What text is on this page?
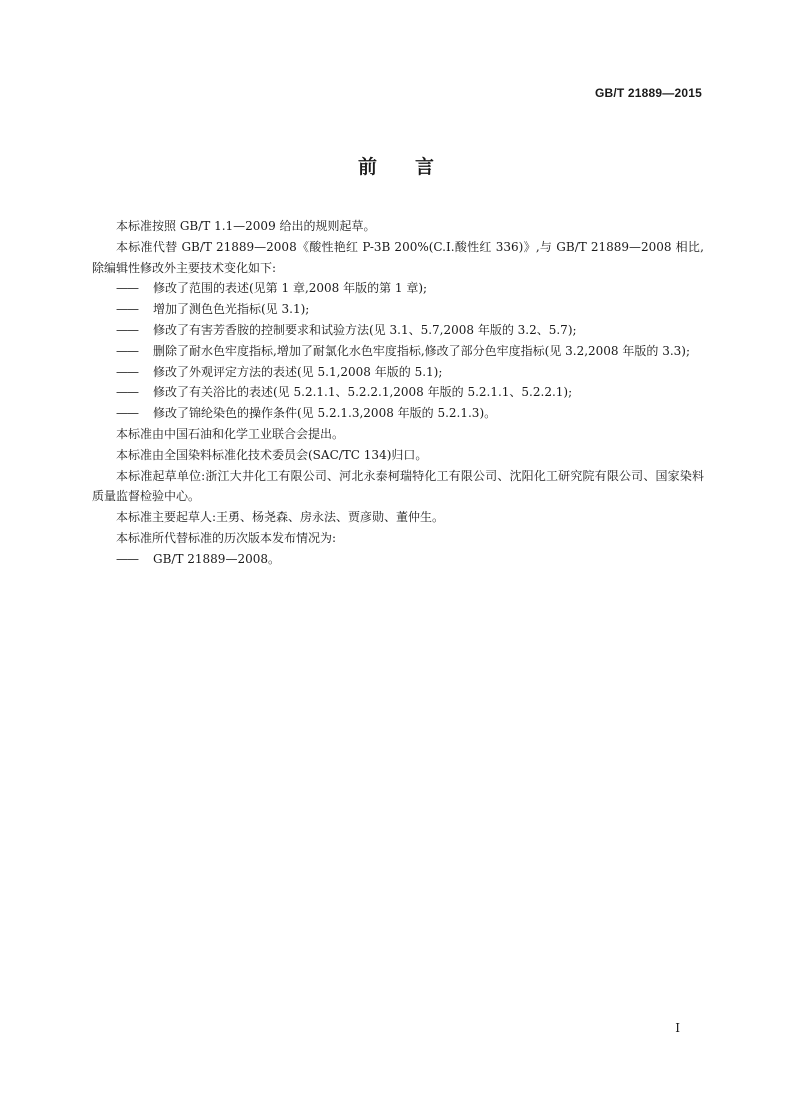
GB/T 21889—2015
前言

本标准按照 GB/T 1.1—2009 给出的规则起草。

本标准代替 GB/T 21889—2008《酸性艳红 P-3B 200%(C.I.酸性红 336)》,与 GB/T 21889—2008 相比,除编辑性修改外主要技术变化如下:

—— 修改了范围的表述(见第 1 章,2008 年版的第 1 章);

—— 增加了测色色光指标(见 3.1);

—— 修改了有害芳香胺的控制要求和试验方法(见 3.1、5.7,2008 年版的 3.2、5.7);

—— 删除了耐水色牢度指标,增加了耐氯化水色牢度指标,修改了部分色牢度指标(见 3.2,2008 年版的 3.3);

—— 修改了外观评定方法的表述(见 5.1,2008 年版的 5.1);

—— 修改了有关浴比的表述(见 5.2.1.1、5.2.2.1,2008 年版的 5.2.1.1、5.2.2.1);

—— 修改了锦纶染色的操作条件(见 5.2.1.3,2008 年版的 5.2.1.3)。

本标准由中国石油和化学工业联合会提出。

本标准由全国染料标准化技术委员会(SAC/TC 134)归口。

本标准起草单位:浙江大井化工有限公司、河北永泰柯瑞特化工有限公司、沈阳化工研究院有限公司、国家染料质量监督检验中心。

本标准主要起草人:王勇、杨尧森、房永法、贾彦勋、董仲生。

本标准所代替标准的历次版本发布情况为:

—— GB/T 21889—2008。

I
